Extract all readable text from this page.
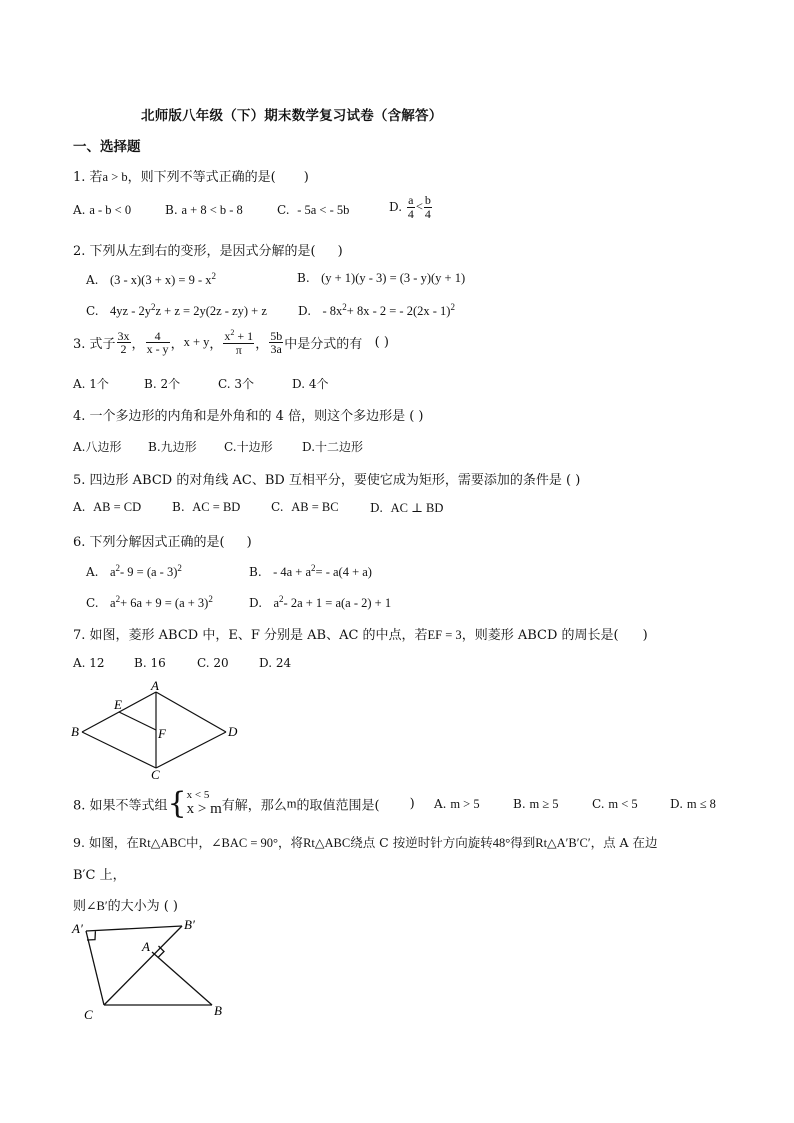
北师版八年级（下）期末数学复习试卷（含解答）
一、选择题
1. 若a > b，则下列不等式正确的是( )
A. a - b < 0	B. a + 8 < b - 8	C. - 5a < - 5b	D. $\frac{a}{4} < \frac{b}{4}$
2. 下列从左到右的变形，是因式分解的是( )
A. $(3 - x)(3 + x) = 9 - x^2$	B. (y + 1)(y - 3) = (3 - y)(y + 1)
C. $4yz - 2y^2z + z = 2y(2z - zy) + z$	D. - $8x^2+ 8x - 2$ = - 2(2x - 1)$^2$
3. 式子 $\frac{3x}{2}$ ， $\frac{4}{x - y}$ ，x + y， $\frac{x^2 + 1}{\pi}$ ， $\frac{5b}{3a}$ 中是分式的有 ( )
A. 1个	B. 2个	C. 3个	D. 4个
4. 一个多边形的内角和是外角和的 4 倍，则这个多边形是 ( )
A.八边形 B.九边形 C.十边形 D.十二边形
5. 四边形 ABCD 的对角线 AC、BD 互相平分，要使它成为矩形，需要添加的条件是 ( )
A. AB = CD	B. AC = BD	C. AB = BC	D. AC ⊥ BD
6. 下列分解因式正确的是( )
A. $a^2-$ 9 = (a - 3)$^2$	B. - $4a + a^2= - a(4 + a)$
C. $a^2+ 6a + 9 = (a + 3)^2$	D. $a^2-$ 2a + 1 = a(a - 2) + 1
7. 如图，菱形 ABCD 中，E、F 分别是 AB、AC 的中点，若EF = 3，则菱形 ABCD 的周长是( )
A. 12 B. 16	C. 20	D. 24
A
B
C
D
E
F
8. 如果不等式组{ x < 5
x > m 有解，那么m的取值范围是( ) A. m > 5	B. m ≥ 5	C. m < 5	D. m ≤ 8
9. 如图，在Rt△ABC中，∠BAC = 90°，将Rt△ABC绕点 C 按逆时针方向旋转48°得到Rt△A′B′C′，点 A 在边
B′C 上，
则∠B′的大小为 ( )
A′	B′
A
C	B
